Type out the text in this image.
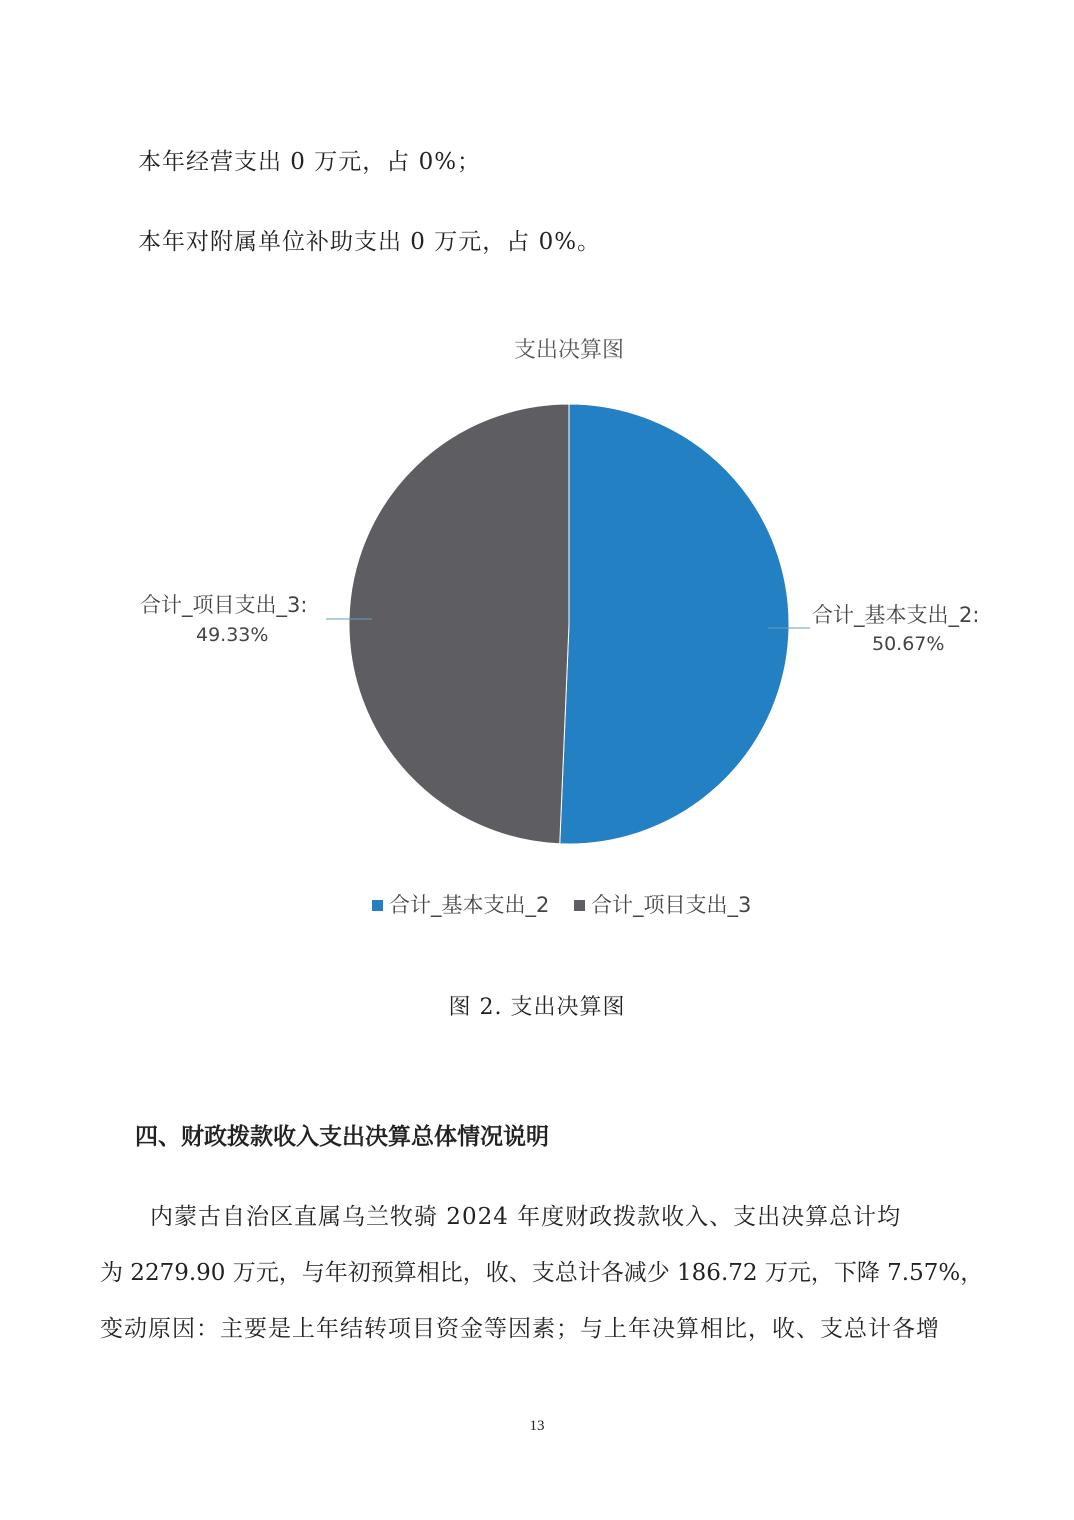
本年经营支出 0 万元，占 0%；
本年对附属单位补助支出 0 万元，占 0%。
支出决算图
合计_基本支出_2:
50.67%
合计_项目支出_3:
49.33%
合计_基本支出_2 合计_项目支出_3
图 2. 支出决算图
四、财政拨款收入支出决算总体情况说明
内蒙古自治区直属乌兰牧骑 2024 年度财政拨款收入、支出决算总计均
为 2279.90 万元，与年初预算相比，收、支总计各减少 186.72 万元，下降 7.57%，
变动原因：主要是上年结转项目资金等因素；与上年决算相比，收、支总计各增
13
